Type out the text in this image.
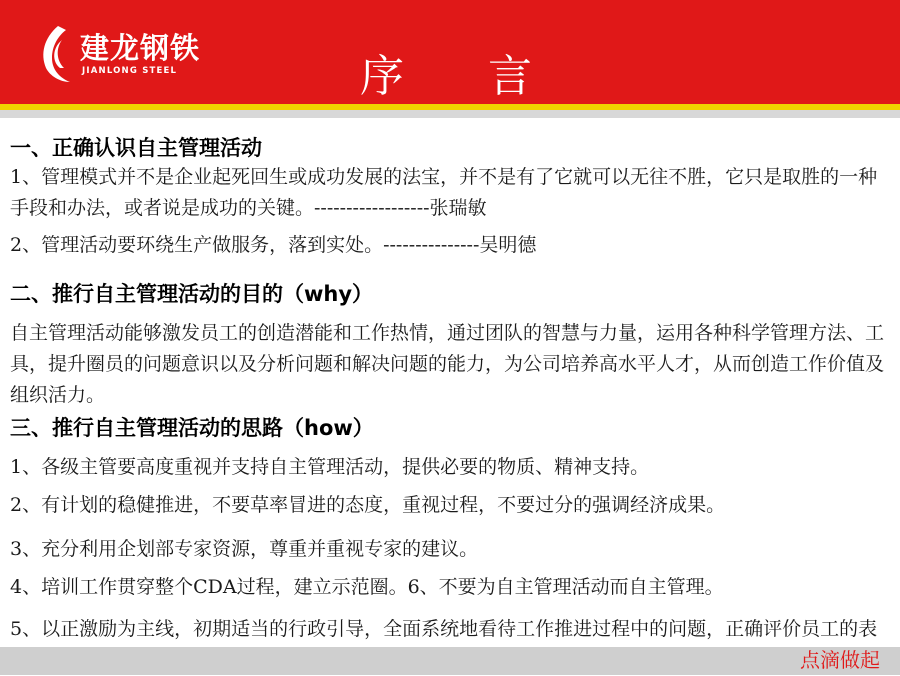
建龙钢铁
JIANLONG STEEL	序言
一、正确认识自主管理活动
1、管理模式并不是企业起死回生或成功发展的法宝，并不是有了它就可以无往不胜，它只是取胜的一种手段和办法，或者说是成功的关键。------------------张瑞敏
2、管理活动要环绕生产做服务，落到实处。---------------吴明德
二、推行自主管理活动的目的（why）
自主管理活动能够激发员工的创造潜能和工作热情，通过团队的智慧与力量，运用各种科学管理方法、工具，提升圈员的问题意识以及分析问题和解决问题的能力，为公司培养高水平人才，从而创造工作价值及组织活力。
三、推行自主管理活动的思路（how）
1、各级主管要高度重视并支持自主管理活动，提供必要的物质、精神支持。
2、有计划的稳健推进，不要草率冒进的态度，重视过程，不要过分的强调经济成果。
3、充分利用企划部专家资源，尊重并重视专家的建议。
4、培训工作贯穿整个CDA过程，建立示范圈。6、不要为自主管理活动而自主管理。
5、以正激励为主线，初期适当的行政引导，全面系统地看待工作推进过程中的问题，正确评价员工的表
点滴做起
